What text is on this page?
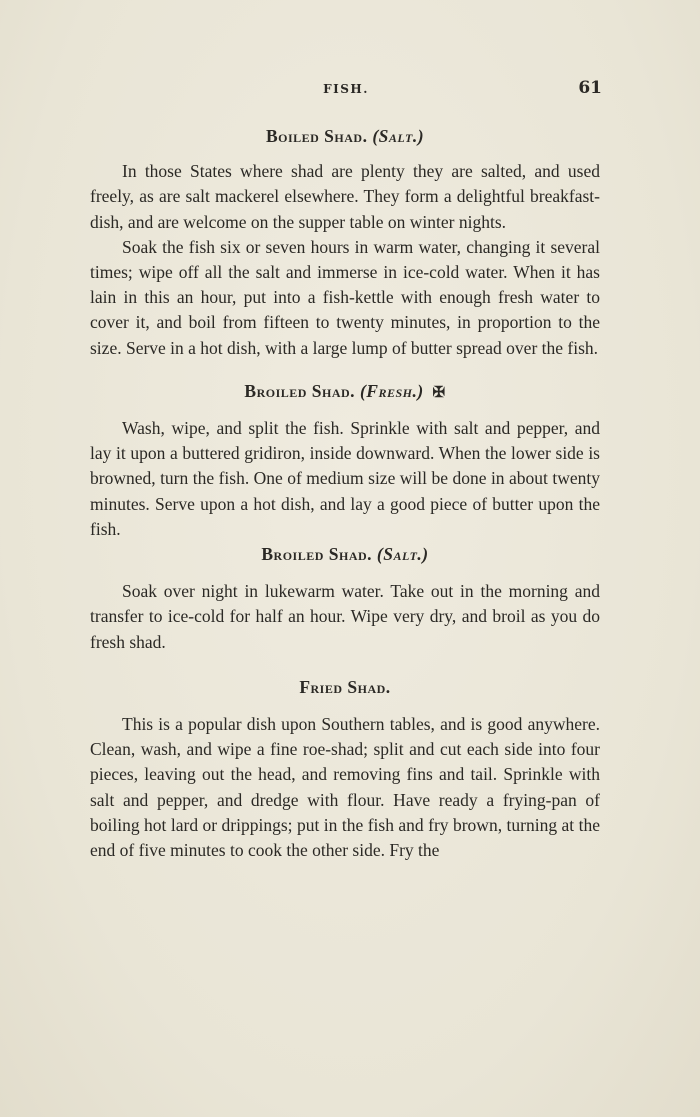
FISH.	61
Boiled Shad. (Salt.)

In those States where shad are plenty they are salted, and used freely, as are salt mackerel elsewhere. They form a delightful breakfast-dish, and are welcome on the supper table on winter nights.

Soak the fish six or seven hours in warm water, changing it several times; wipe off all the salt and immerse in ice-cold water. When it has lain in this an hour, put into a fish-kettle with enough fresh water to cover it, and boil from fifteen to twenty minutes, in proportion to the size. Serve in a hot dish, with a large lump of butter spread over the fish.

Broiled Shad. (Fresh.) ✠

Wash, wipe, and split the fish. Sprinkle with salt and pepper, and lay it upon a buttered gridiron, inside downward. When the lower side is browned, turn the fish. One of medium size will be done in about twenty minutes. Serve upon a hot dish, and lay a good piece of butter upon the fish.

Broiled Shad. (Salt.)

Soak over night in lukewarm water. Take out in the morning and transfer to ice-cold for half an hour. Wipe very dry, and broil as you do fresh shad.

Fried Shad.

This is a popular dish upon Southern tables, and is good anywhere. Clean, wash, and wipe a fine roe-shad; split and cut each side into four pieces, leaving out the head, and removing fins and tail. Sprinkle with salt and pepper, and dredge with flour. Have ready a frying-pan of boiling hot lard or drippings; put in the fish and fry brown, turning at the end of five minutes to cook the other side. Fry the
